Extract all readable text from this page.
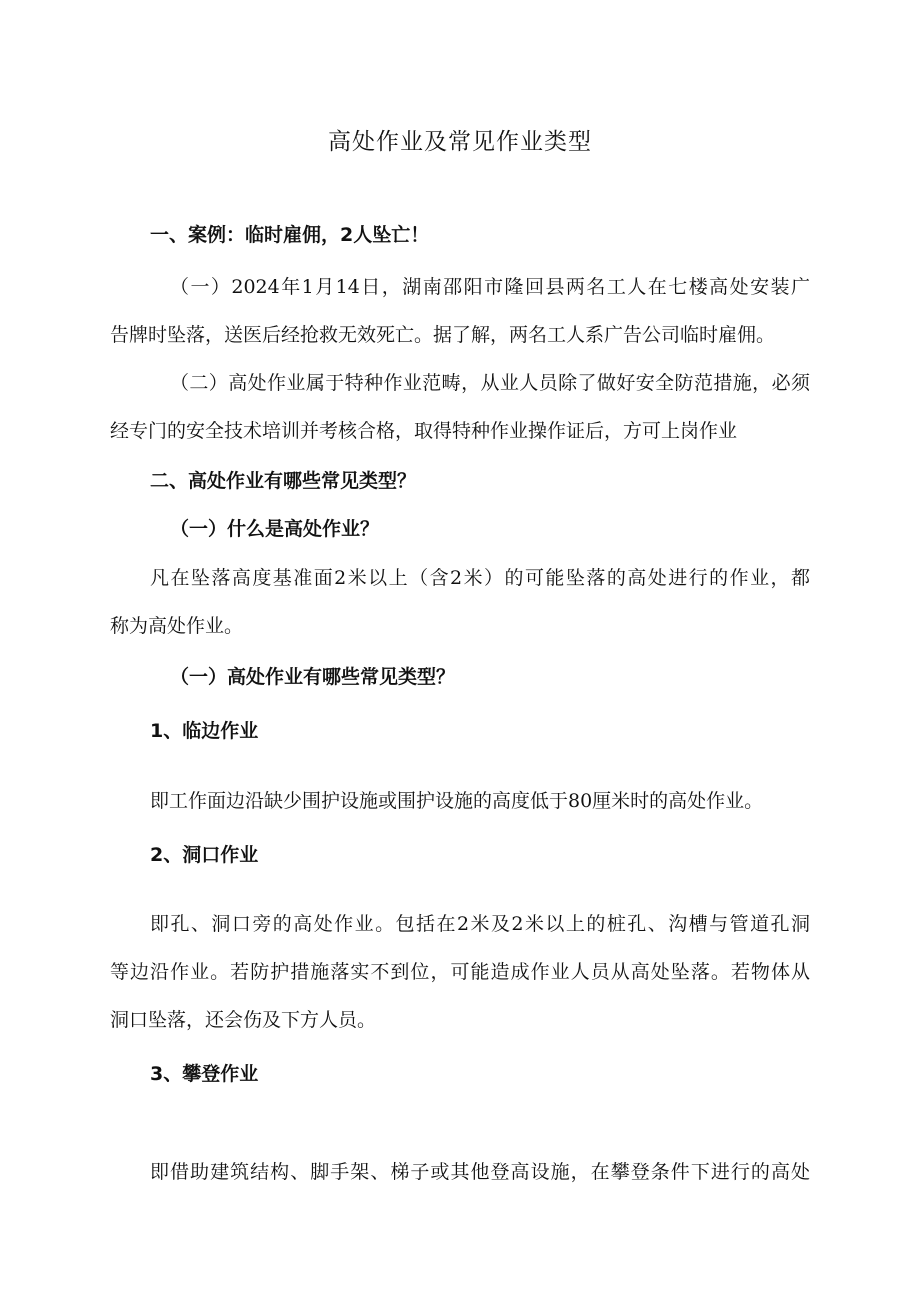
高处作业及常见作业类型
一、案例：临时雇佣，2人坠亡！
（一）2024年1月14日，湖南邵阳市隆回县两名工人在七楼高处安装广
告牌时坠落，送医后经抢救无效死亡。据了解，两名工人系广告公司临时雇佣。
（二）高处作业属于特种作业范畴，从业人员除了做好安全防范措施，必须
经专门的安全技术培训并考核合格，取得特种作业操作证后，方可上岗作业
二、高处作业有哪些常见类型？
（一）什么是高处作业？
凡在坠落高度基准面2米以上（含2米）的可能坠落的高处进行的作业，都
称为高处作业。
（一）高处作业有哪些常见类型？
1、临边作业
即工作面边沿缺少围护设施或围护设施的高度低于80厘米时的高处作业。
2、洞口作业
即孔、洞口旁的高处作业。包括在2米及2米以上的桩孔、沟槽与管道孔洞
等边沿作业。若防护措施落实不到位，可能造成作业人员从高处坠落。若物体从
洞口坠落，还会伤及下方人员。
3、攀登作业
即借助建筑结构、脚手架、梯子或其他登高设施，在攀登条件下进行的高处
